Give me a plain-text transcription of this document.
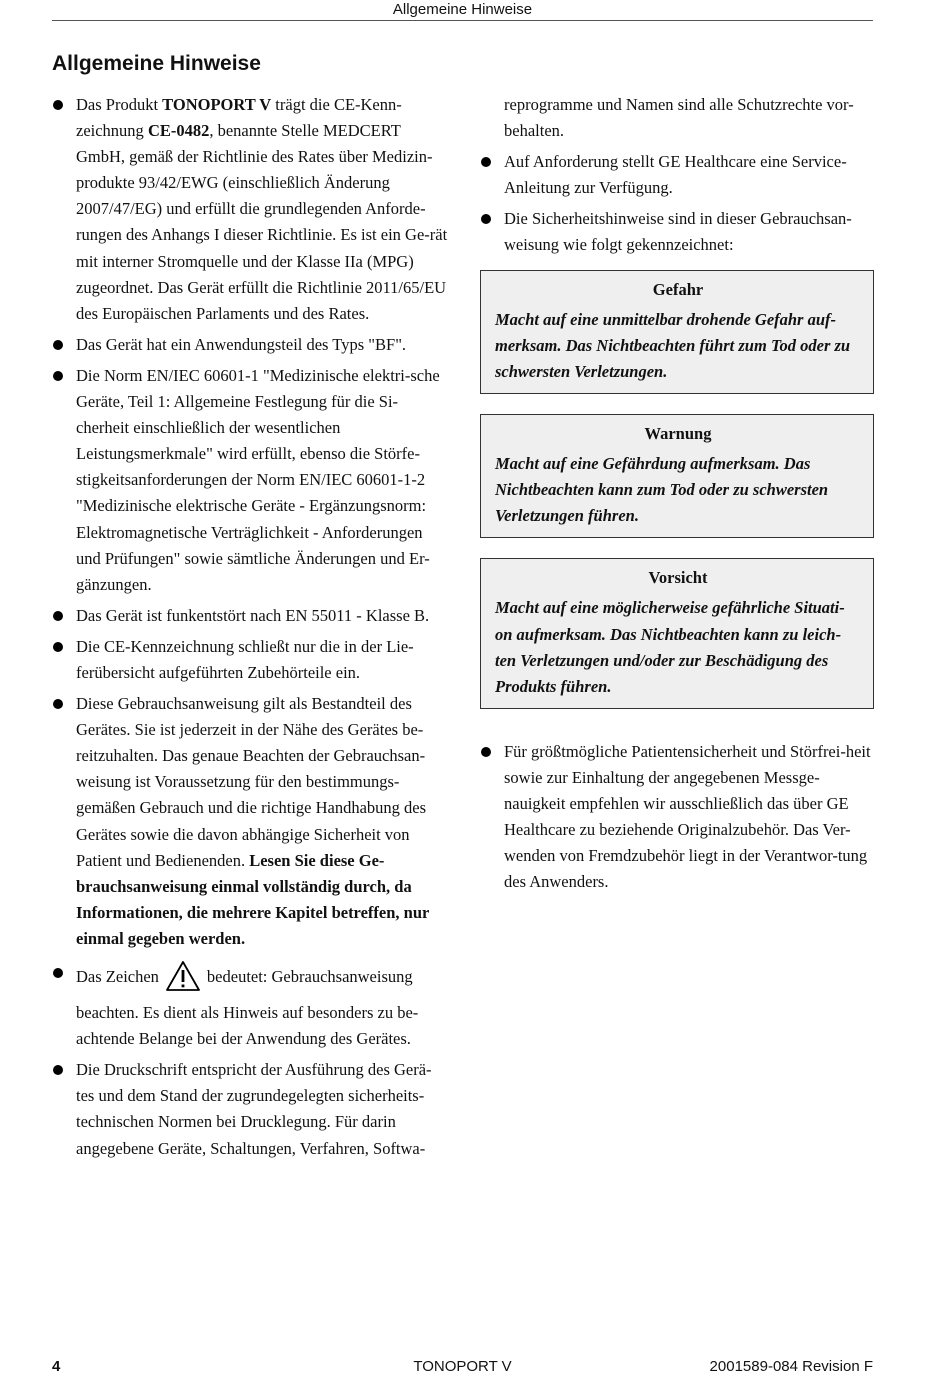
Allgemeine Hinweise
Allgemeine Hinweise
Das Produkt TONOPORT V trägt die CE-Kenn-zeichnung CE-0482, benannte Stelle MEDCERT GmbH, gemäß der Richtlinie des Rates über Medizin-produkte 93/42/EWG (einschließlich Änderung 2007/47/EG) und erfüllt die grundlegenden Anforde-rungen des Anhangs I dieser Richtlinie. Es ist ein Ge-rät mit interner Stromquelle und der Klasse IIa (MPG) zugeordnet. Das Gerät erfüllt die Richtlinie 2011/65/EU des Europäischen Parlaments und des Rates.
Das Gerät hat ein Anwendungsteil des Typs "BF".
Die Norm EN/IEC 60601-1 "Medizinische elektri-sche Geräte, Teil 1: Allgemeine Festlegung für die Si-cherheit einschließlich der wesentlichen Leistungsmerkmale" wird erfüllt, ebenso die Störfe-stigkeitsanforderungen der Norm EN/IEC 60601-1-2 "Medizinische elektrische Geräte - Ergänzungsnorm: Elektromagnetische Verträglichkeit - Anforderungen und Prüfungen" sowie sämtliche Änderungen und Er-gänzungen.
Das Gerät ist funkentstört nach EN 55011 - Klasse B.
Die CE-Kennzeichnung schließt nur die in der Lie-ferübersicht aufgeführten Zubehörteile ein.
Diese Gebrauchsanweisung gilt als Bestandteil des Gerätes. Sie ist jederzeit in der Nähe des Gerätes be-reitzuhalten. Das genaue Beachten der Gebrauchsan-weisung ist Voraussetzung für den bestimmungs-gemäßen Gebrauch und die richtige Handhabung des Gerätes sowie die davon abhängige Sicherheit von Patient und Bedienenden. Lesen Sie diese Ge-brauchsanweisung einmal vollständig durch, da Informationen, die mehrere Kapitel betreffen, nur einmal gegeben werden.
Das Zeichen	bedeutet: Gebrauchsanweisung beachten. Es dient als Hinweis auf besonders zu be-achtende Belange bei der Anwendung des Gerätes.
Die Druckschrift entspricht der Ausführung des Gerä-tes und dem Stand der zugrundegelegten sicherheits-technischen Normen bei Drucklegung. Für darin angegebene Geräte, Schaltungen, Verfahren, Softwa-
reprogramme und Namen sind alle Schutzrechte vor-behalten.
Auf Anforderung stellt GE Healthcare eine Service-Anleitung zur Verfügung.
Die Sicherheitshinweise sind in dieser Gebrauchsan-weisung wie folgt gekennzeichnet:
Gefahr
Macht auf eine unmittelbar drohende Gefahr auf-merksam. Das Nichtbeachten führt zum Tod oder zu schwersten Verletzungen.
Warnung
Macht auf eine Gefährdung aufmerksam. Das Nichtbeachten kann zum Tod oder zu schwersten Verletzungen führen.
Vorsicht
Macht auf eine möglicherweise gefährliche Situati-on aufmerksam. Das Nichtbeachten kann zu leich-ten Verletzungen und/oder zur Beschädigung des Produkts führen.
Für größtmögliche Patientensicherheit und Störfrei-heit sowie zur Einhaltung der angegebenen Messge-nauigkeit empfehlen wir ausschließlich das über GE Healthcare zu beziehende Originalzubehör. Das Ver-wenden von Fremdzubehör liegt in der Verantwor-tung des Anwenders.
TONOPORT V
4	2001589-084 Revision F
